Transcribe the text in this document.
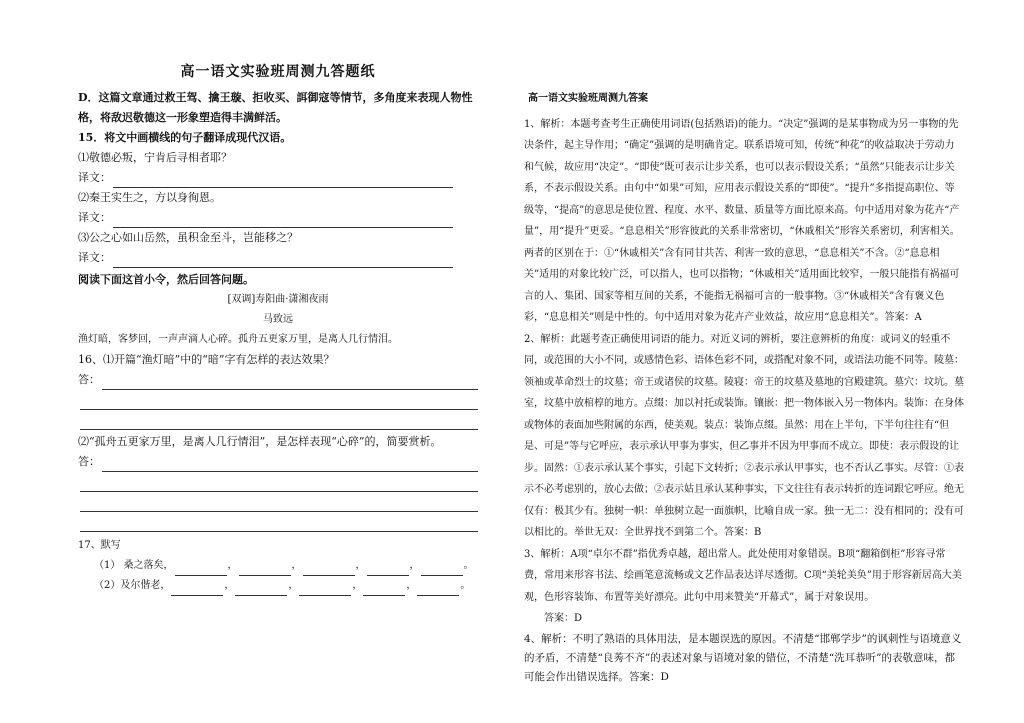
高一语文实验班周测九答题纸

D．这篇文章通过救王驾、擒王璇、拒收买、誀御寇等情节，多角度来表现人物性格，将敌迟敬德这一形象塑造得丰满鲜活。

15．将文中画横线的句子翻译成现代汉语。

⑴敬德必叛，宁肯后寻相者耶？

译文：

⑵秦王实生之，方以身徇恩。

译文：

⑶公之心如山岳然，虽积金至斗，岂能移之？

译文：

阅读下面这首小令，然后回答问题。

[双调]寿阳曲·潇湘夜雨

马致远

渔灯暗，客梦回，一声声滴人心碎。孤舟五更家万里，是离人几行情泪。

16、⑴开篇“渔灯暗”中的“暗”字有怎样的表达效果？

答：

⑵“孤舟五更家万里，是离人几行情泪”，是怎样表现“心碎”的，简要赏析。

答：

17、默写

（1） 桑之落矣，	，	，	，	，	。

（2）及尔偕老，	，	，	，	，	。

高一语文实验班周测九答案

1、解析：本题考查考生正确使用词语(包括熟语)的能力。“决定”强调的是某事物成为另一事物的先决条件，起主导作用；“确定”强调的是明确肯定。联系语境可知，传统“种花”的收益取决于劳动力和气候，故应用“决定”。“即使”既可表示让步关系，也可以表示假设关系；“虽然”只能表示让步关系，不表示假设关系。由句中“如果”可知，应用表示假设关系的“即使”。“提升”多指提高职位、等级等，“提高”的意思是使位置、程度、水平、数量、质量等方面比原来高。句中适用对象为花卉“产量”，用“提升”更妥。“息息相关”形容彼此的关系非常密切，“休戚相关”形容关系密切，利害相关。两者的区别在于：①“休戚相关”含有同甘共苦、利害一致的意思，“息息相关”不含。②“息息相关”适用的对象比较广泛，可以指人，也可以指物；“休戚相关”适用面比较窄，一般只能指有祸福可言的人、集团、国家等相互间的关系，不能指无祸福可言的一般事物。③“休戚相关”含有褒义色彩，“息息相关”则是中性的。句中适用对象为花卉产业效益，故应用“息息相关”。答案：A

2、解析：此题考查正确使用词语的能力。对近义词的辨析，要注意辨析的角度：或词义的轻重不同，或范围的大小不同，或感情色彩、语体色彩不同，或搭配对象不同，或语法功能不同等。陵墓：领袖或革命烈士的坟墓；帝王或诸侯的坟墓。陵寝：帝王的坟墓及墓地的宫殿建筑。墓穴：坟坑。墓室，坟墓中放棺椁的地方。点缀：加以衬托或装饰。镶嵌：把一物体嵌入另一物体内。装饰：在身体或物体的表面加些附属的东西，使美观。装点：装饰点缀。虽然：用在上半句，下半句往往有“但是、可是”等与它呼应，表示承认甲事为事实，但乙事并不因为甲事而不成立。即使：表示假设的让步。固然：①表示承认某个事实，引起下文转折；②表示承认甲事实，也不否认乙事实。尽管：①表示不必考虑别的，放心去做；②表示姑且承认某种事实，下文往往有表示转折的连词跟它呼应。绝无仅有：极其少有。独树一帜：单独树立起一面旗帜，比喻自成一家。独一无二：没有相同的；没有可以相比的。举世无双：全世界找不到第二个。答案：B

3、解析：A项“卓尔不群”指优秀卓越，超出常人。此处使用对象错误。B项“翻箱倒柜”形容寻常费，常用来形容书法、绘画笔意流畅或文艺作品表达详尽透彻。C项“美轮美奂”用于形容新居高大美观，色形容装饰、布置等美好漂亮。此句中用来赞美“开幕式”，属于对象误用。

答案：D

4、解析：不明了熟语的具体用法，是本题误选的原因。不清楚“邯郸学步”的讽刺性与语境意义的矛盾，不清楚“良莠不齐”的表述对象与语境对象的错位，不清楚“洗耳恭听”的表敬意味，都可能会作出错误选择。答案：D
